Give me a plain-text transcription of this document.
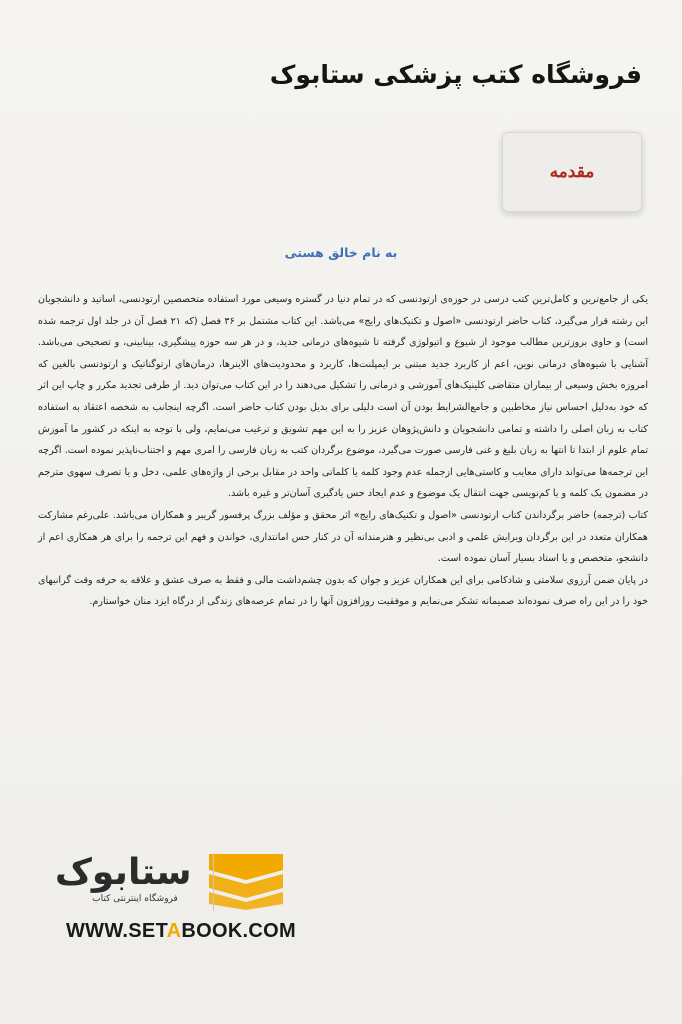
فروشگاه کتب پزشکی ستابوک
مقدمه
به نام خالق هستی

یکی از جامع‌ترین و کامل‌ترین کتب درسی در حوزه‌ی ارتودنسی که در تمام دنیا در گستره وسیعی مورد استفاده متخصصین ارتودنسی، اساتید و دانشجویان این رشته قرار می‌گیرد، کتاب حاضر ارتودنسی «اصول و تکنیک‌های رایج» می‌باشد. این کتاب مشتمل بر ۳۶ فصل (که ۲۱ فصل آن در جلد اول ترجمه شده است) و حاوی بروزترین مطالب موجود از شیوع و اتیولوژی گرفته تا شیوه‌های درمانی جدید، و در هر سه حوزه پیشگیری، بینابینی، و تصحیحی می‌باشد. آشنایی با شیوه‌های درمانی نوین، اعم از کاربرد جدید مبتنی بر ایمپلنت‌ها، کاربرد و محدودیت‌های الاینرها، درمان‌های ارتوگناتیک و ارتودنسی بالغین که امروزه بخش وسیعی از بیماران متقاضی کلینیک‌های آموزشی و درمانی را تشکیل می‌دهند را در این کتاب می‌توان دید. از طرفی تجدید مکرر و چاپ این اثر که خود به‌دلیل احساس نیاز مخاطبین و جامع‌الشرایط بودن آن است دلیلی برای بدیل بودن کتاب حاضر است. اگرچه اینجانب به شخصه اعتقاد به استفاده کتاب به زبان اصلی را داشته و تمامی دانشجویان و دانش‌پژوهان عزیز را به این مهم تشویق و ترغیب می‌نمایم، ولی با توجه به اینکه در کشور ما آموزش تمام علوم از ابتدا تا انتها به زبان بلیغ و غنی فارسی صورت می‌گیرد، موضوع برگردان کتب به زبان فارسی را امری مهم و اجتناب‌ناپذیر نموده است. اگرچه این ترجمه‌ها می‌تواند دارای معایب و کاستی‌هایی ازجمله عدم وجود کلمه یا کلماتی واحد در مقابل برخی از واژه‌های علمی، دخل و یا تصرف سهوی مترجم در مضمون یک کلمه و یا کم‌نویسی جهت انتقال یک موضوع و عدم ایجاد حس یادگیری آسان‌تر و غیره باشد.

کتاب (ترجمه) حاضر برگرداندن کتاب ارتودنسی «اصول و تکنیک‌های رایج» اثر محقق و مؤلف بزرگ پرفسور گریبر و همکاران می‌باشد. علی‌رغم مشارکت همکاران متعدد در این برگردان ویرایش علمی و ادبی بی‌نظیر و هنرمندانه آن در کنار حس امانتداری، خواندن و فهم این ترجمه را برای هر همکاری اعم از دانشجو، متخصص و یا استاد بسیار آسان نموده است.

در پایان ضمن آرزوی سلامتی و شادکامی برای این همکاران عزیز و جوان که بدون چشم‌داشت مالی و فقط به صرف عشق و علاقه به حرفه وقت گرانبهای خود را در این راه صرف نموده‌اند صمیمانه تشکر می‌نمایم و موفقیت روزافزون آنها را در تمام عرصه‌های زندگی از درگاه ایزد منان خواستارم.

ستابوک
فروشگاه اینترنتی کتاب
WWW.SETABOOK.COM
